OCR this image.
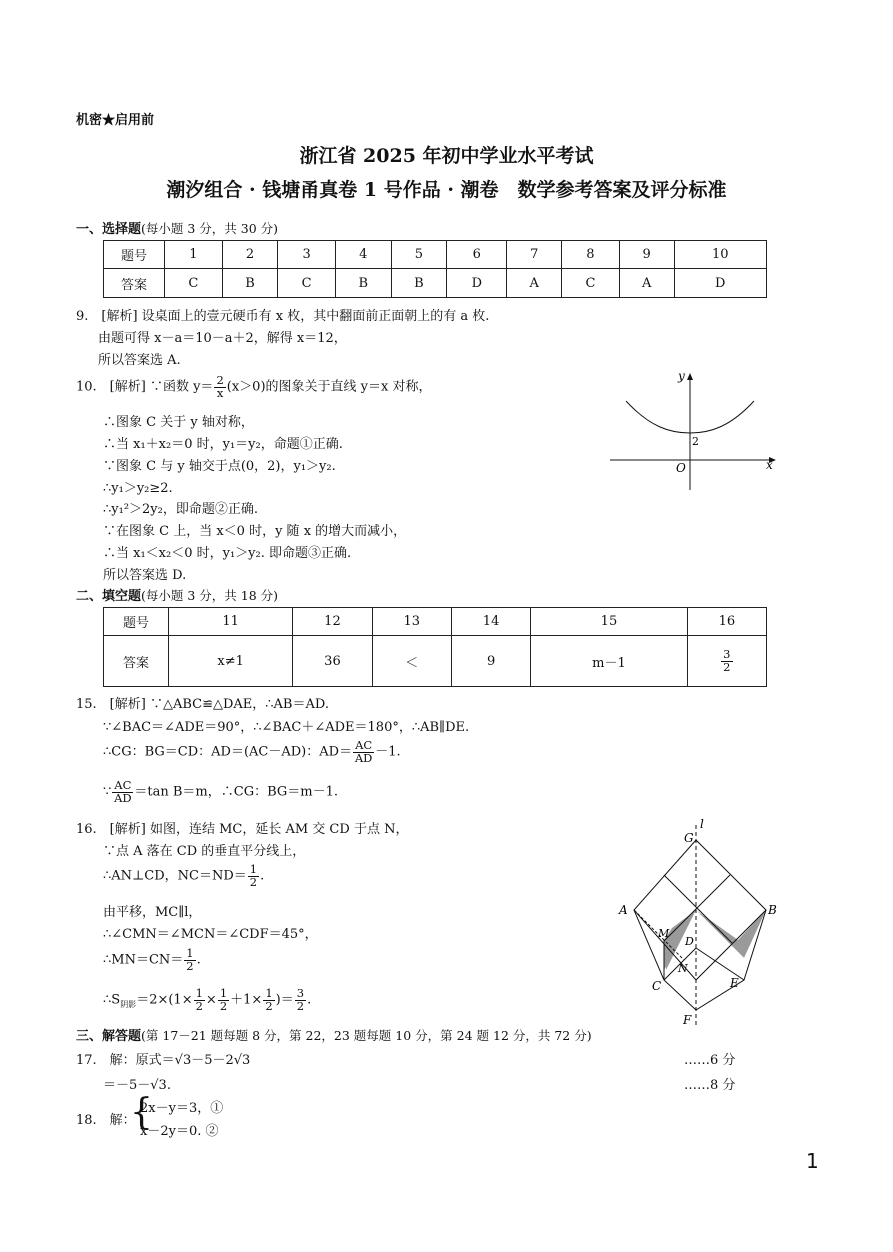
机密★启用前
浙江省 2025 年初中学业水平考试
潮汐组合 · 钱塘甬真卷 1 号作品 · 潮卷　数学参考答案及评分标准
一、选择题(每小题 3 分，共 30 分)
题号	1	2	3	4	5	6	7	8	9	10
答案	C	B	C	B	B	D	A	C	A	D
9.　[解析] 设桌面上的壹元硬币有 x 枚，其中翻面前正面朝上的有 a 枚.
由题可得 x－a＝10－a＋2，解得 x＝12，
所以答案选 A.
10.　[解析] ∵函数 $y= \frac{2}{x} (x>0)$的图象关于直线 y＝x 对称，
∴图象 C 关于 y 轴对称，
∴当 x₁＋x₂＝0 时，y₁＝y₂，命题①正确.
∵图象 C 与 y 轴交于点(0，2)，y₁＞y₂.
∴y₁＞y₂≥2.
∴y₁²＞2y₂，即命题②正确.
∵在图象 C 上，当 x＜0 时，y 随 x 的增大而减小，
∴当 x₁＜x₂＜0 时，y₁＞y₂. 即命题③正确.
所以答案选 D.
y
x
O
2
二、填空题(每小题 3 分，共 18 分)
题号	11	12	13	14	15	16
答案	x≠1	36	＜	9	m－1	$\frac{3}{2}$
15.　[解析] ∵△ABC≌△DAE，∴AB＝AD.
∵∠BAC＝∠ADE＝90°，∴∠BAC＋∠ADE＝180°，∴AB∥DE.
∴CG：BG＝CD：AD＝(AC－AD)：$AD= \frac{AC}{AD} -1$.
∵ $\frac{AC}{AD} =\tan$ B＝m，∴CG：BG＝m－1.
16.　[解析] 如图，连结 MC，延长 AM 交 CD 于点 N，
∵点 A 落在 CD 的垂直平分线上，
∴AN⊥CD，$NC=ND= \frac{1}{2}$ .
由平移，MC∥l，
∴∠CMN＝∠MCN＝∠CDF＝45°，
∴MN＝CN＝ $\frac{1}{2}$ .
$\therefore S_{阴影}=2\times(1\times \frac{1}{2} \times \frac{1}{2} +1\times \frac{1}{2}$ )＝ $\frac{3}{2}$ .
G
l
A	B
M
D
N
C	E
F
三、解答题(第 17－21 题每题 8 分，第 22，23 题每题 10 分，第 24 题 12 分，共 72 分)
17.　解：原式＝√3－5－2√3
＝－5－√3.
……6 分
……8 分
18.　解：
{
2x－y＝3，①
x－2y＝0. ②
1
